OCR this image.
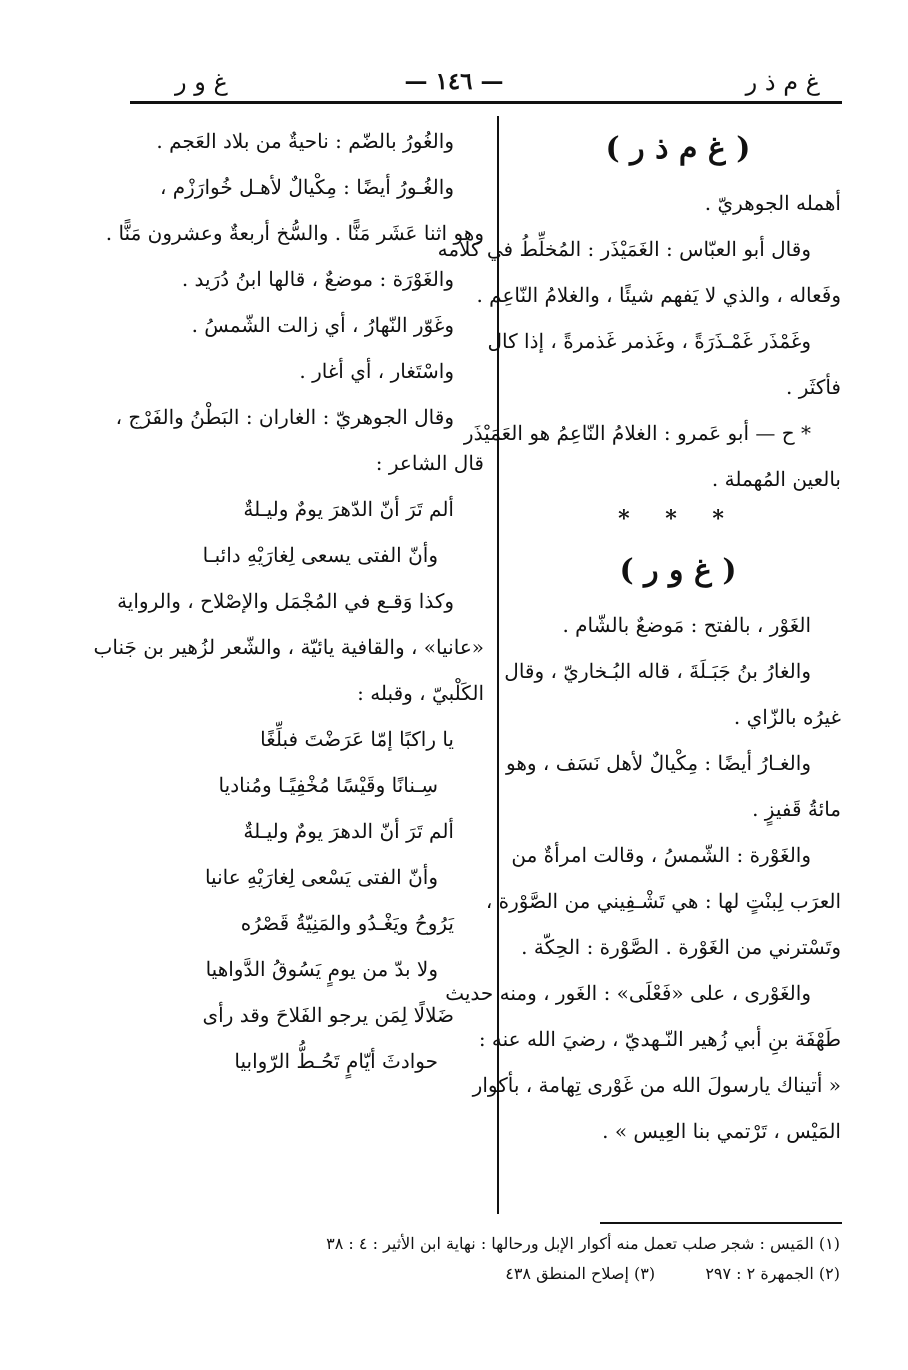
غ و ر	— ١٤٦ —	غ م ذ ر
( غ م ذ ر )
أهمله الجوهريّ .
وقال أبو العبّاس : الغَمَيْذَر : المُخلِّطُ في كلامه
وفَعاله ، والذي لا يَفهم شيئًا ، والغلامُ النّاعِم .
وغَمْذَر غَمْـذَرَةً ، وغَذمر غَذمرةً ، إذا كال
فأكثَر .
* ح — أبو عَمرو : الغلامُ النّاعِمُ هو العَمَيْذَر
بالعين المُهملة .
* * *
( غ و ر )
الغَوْر ، بالفتح : مَوضعٌ بالشّام .
والغارُ بنُ جَبَـلَةَ ، قاله البُـخاريّ ، وقال
غيرُه بالزّاي .
والغـارُ أيضًا : مِكْيالٌ لأهل نَسَف ، وهو
مائةُ قَفيزٍ .
والغَوْرة : الشّمسُ ، وقالت امرأةٌ من
العرَب لِبنْتٍ لها : هي تَشْـفِيني من الصَّوْرة ،
وتَسْترني من الغَوْرة . الصَّوْرة : الحِكّة .
والغَوْرى ، على «فَعْلَى» : الغَور ، ومنه حديث
طَهْفَة بنِ أبي زُهير النّـهديّ ، رضيَ الله عنه :
« أتيناك يارسولَ الله من غَوْرى تِهامة ، بأكوار
المَيْس ، تَرْتمي بنا العِيس » .
والغُورُ بالضّم : ناحيةٌ من بلاد العَجم .
والغُـورُ أيضًا : مِكْيالٌ لأهـل خُوارَزْم ،
وهو اثنا عَشَر مَنًّا . والسُّخ أربعةٌ وعشرون مَنًّا .
والغَوْرَة : موضعٌ ، قالها ابنُ دُرَيد .
وغَوّر النّهارُ ، أي زالت الشّمسُ .
واسْتَغار ، أي أغار .
وقال الجوهريّ : الغاران : البَطْنُ والفَرْج ،
قال الشاعر :
ألم تَرَ أنّ الدّهرَ يومٌ وليـلةٌ
وأنّ الفتى يسعى لِغارَيْهِ دائبـا
وكذا وَقـع في المُجْمَل والإصْلاح ، والرواية
«عانيا» ، والقافية يائيّة ، والشّعر لزُهير بن جَناب
الكَلْبيّ ، وقبله :
يا راكبًا إمّا عَرَضْتَ فبلِّغًا
سِـنانًا وقَيْسًا مُخْفِيًـا ومُناديا
ألم تَرَ أنّ الدهرَ يومٌ وليـلةٌ
وأنّ الفتى يَسْعى لِغارَيْهِ عانيا
يَرُوحُ ويَغْـدُو والمَنِيّةُ قَصْرُه
ولا بدّ من يومٍ يَسُوقُ الدَّواهيا
ضَلالًا لِمَن يرجو الفَلاحَ وقد رأى
حوادثَ أيّامٍ تَحُـطُّ الرّوابيا
(١) المَيس : شجر صلب تعمل منه أكوار الإبل ورحالها : نهاية ابن الأثير : ٤ : ٣٨
(٢) الجمهرة ٢ : ٢٩٧  (٣) إصلاح المنطق ٤٣٨
